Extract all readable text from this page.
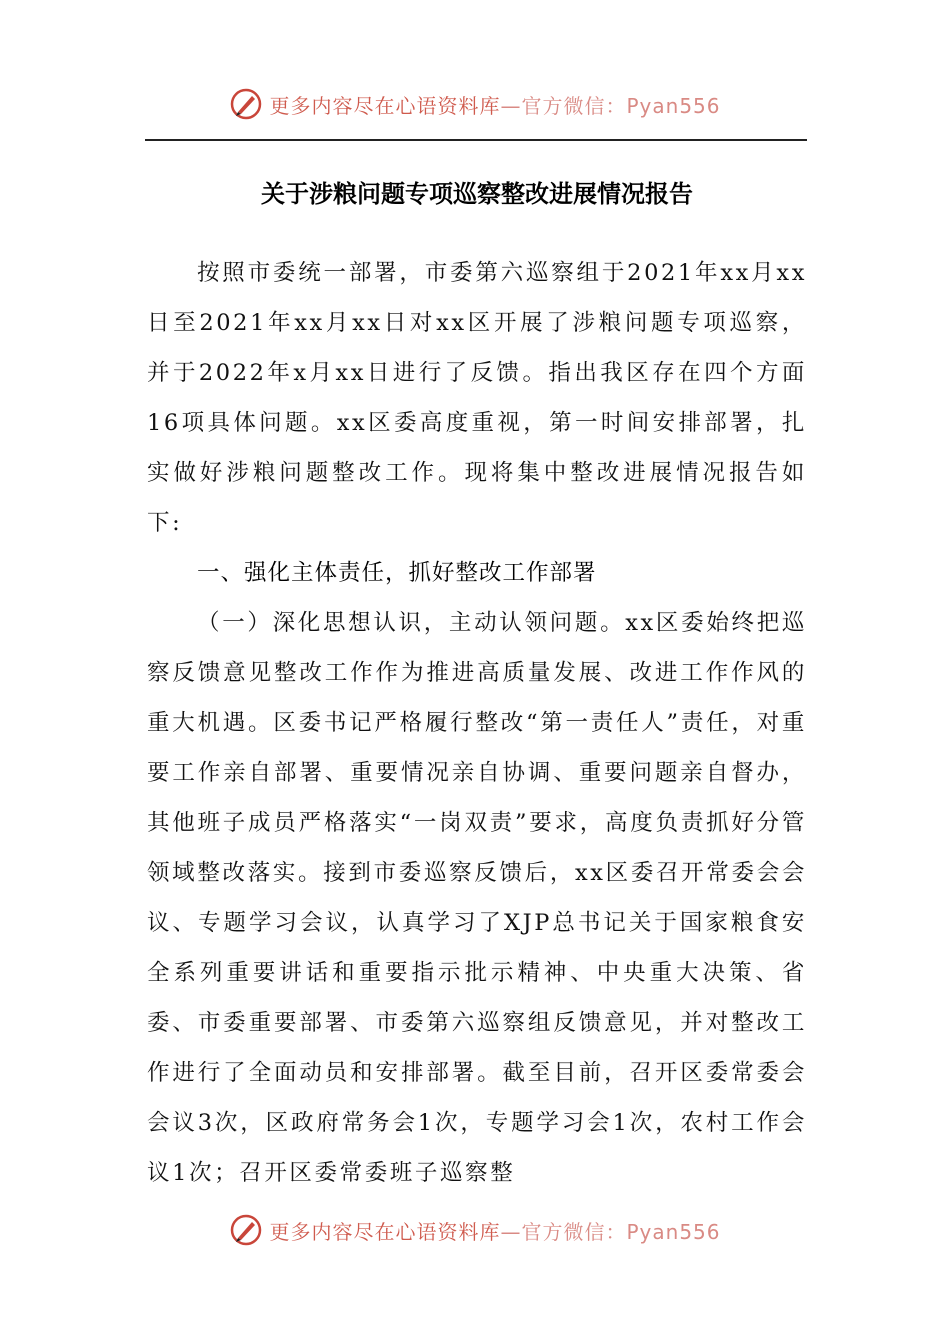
更多内容尽在心语资料库—官方微信：Pyan556
关于涉粮问题专项巡察整改进展情况报告

按照市委统一部署，市委第六巡察组于2021年xx月xx日至2021年xx月xx日对xx区开展了涉粮问题专项巡察，并于2022年x月xx日进行了反馈。指出我区存在四个方面16项具体问题。xx区委高度重视，第一时间安排部署，扎实做好涉粮问题整改工作。现将集中整改进展情况报告如下:

一、强化主体责任，抓好整改工作部署

（一）深化思想认识，主动认领问题。xx区委始终把巡察反馈意见整改工作作为推进高质量发展、改进工作作风的重大机遇。区委书记严格履行整改“第一责任人”责任，对重要工作亲自部署、重要情况亲自协调、重要问题亲自督办，其他班子成员严格落实“一岗双责”要求，高度负责抓好分管领域整改落实。接到市委巡察反馈后，xx区委召开常委会会议、专题学习会议，认真学习了XJP总书记关于国家粮食安全系列重要讲话和重要指示批示精神、中央重大决策、省委、市委重要部署、市委第六巡察组反馈意见，并对整改工作进行了全面动员和安排部署。截至目前，召开区委常委会会议3次，区政府常务会1次，专题学习会1次，农村工作会议1次；召开区委常委班子巡察整

更多内容尽在心语资料库—官方微信：Pyan556
